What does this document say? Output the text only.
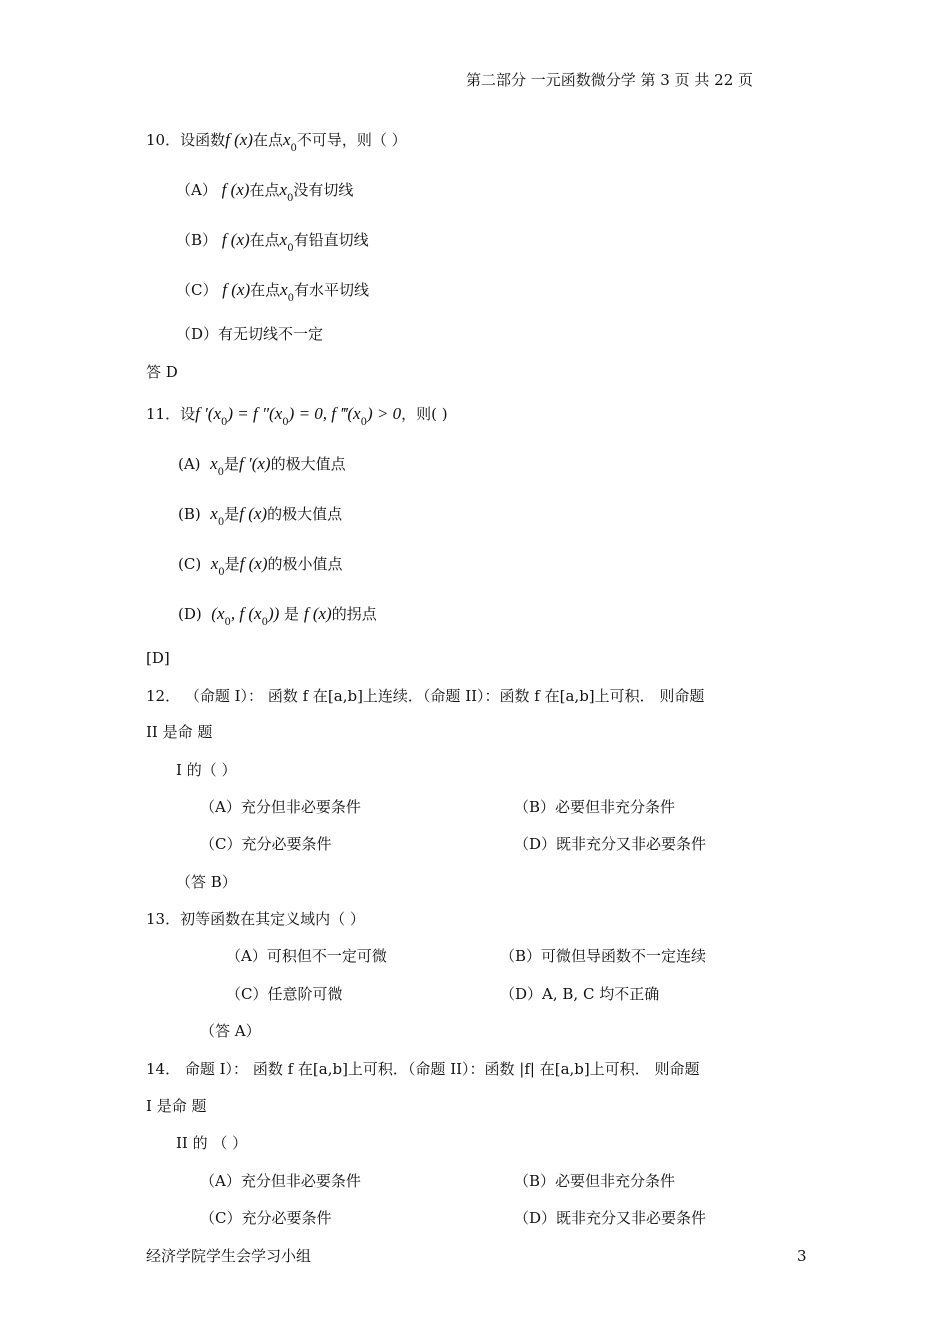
第二部分 一元函数微分学 第 3 页 共 22 页
10．设函数f (x)在点$x_0$不可导，则（ ）
（A） f (x)在点$x_0$没有切线
（B） f (x)在点$x_0$有铅直切线
（C） f (x)在点$x_0$有水平切线
（D）有无切线不一定
答 D
11．设f $'(x_0) = f$ $''(x_0) = 0$, f $‴(x_0) > 0$，则( )
(A) $x_0$是f ′(x)的极大值点
(B) $x_0$是f (x)的极大值点
(C) $x_0$是f (x)的极小值点
(D) ($x_0$, f $(x_0)$) 是 f (x)的拐点
[D]
12． （命题 I）： 函数 f 在[a,b]上连续．（命题 II）：函数 f 在[a,b]上可积． 则命题
II 是命 题
I 的（ ）
（A）充分但非必要条件	（B）必要但非充分条件
（C）充分必要条件	（D）既非充分又非必要条件
（答 B）
13．初等函数在其定义域内（ ）
（A）可积但不一定可微	（B）可微但导函数不一定连续
（C）任意阶可微	（D）A, B, C 均不正确
（答 A）
14． 命题 I）： 函数 f 在[a,b]上可积．（命题 II）：函数 |f| 在[a,b]上可积． 则命题
I 是命 题
II 的 （ ）
（A）充分但非必要条件	（B）必要但非充分条件
（C）充分必要条件	（D）既非充分又非必要条件
经济学院学生会学习小组	3
